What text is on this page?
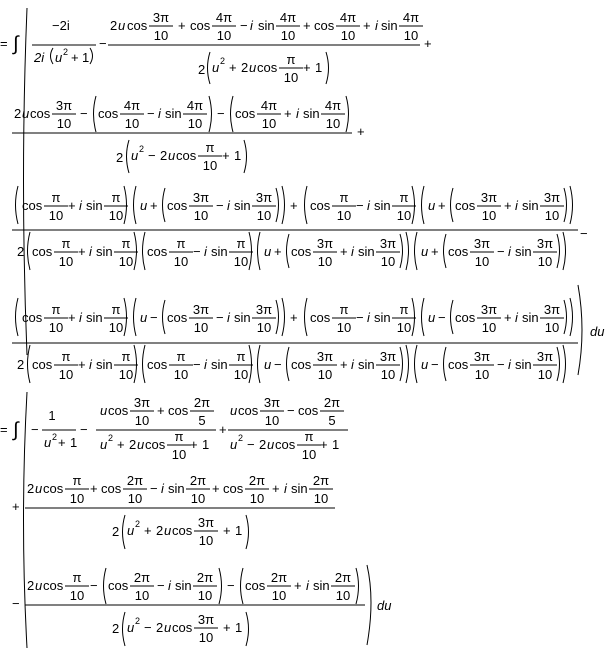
= ∫
−2i
2i u 2 + 1
−
2 u cos
3π
10
+ cos
4π
10
− i sin
4π
10
+ cos
4π
10
+ i sin
4π
10
+
2 u 2 + 2 u cos
π
10
+ 1
2 u cos
3π
10
− cos
4π
10
− i sin
4π
10
− cos
4π
10
+ i sin
4π
10
+
2 u 2 − 2 u cos
π
10
+ 1
cos
π
10
+ i sin
π
10
u + cos
3π
10
− i sin
3π
10
+ cos
π
10
− i sin
π
10
u + cos
3π
10
+ i sin
3π
10
2 cos
π
10
+ i sin
π
10
cos
π
10
− i sin
π
10
u + cos
3π
10
+ i sin
3π
10
u + cos
3π
10
− i sin
3π
10
−
cos
π
10
+ i sin
π
10
u − cos
3π
10
− i sin
3π
10
+ cos
π
10
− i sin
π
10
u − cos
3π
10
+ i sin
3π
10
2 cos
π
10
+ i sin
π
10
cos
π
10
− i sin
π
10
u − cos
3π
10
+ i sin
3π
10
u − cos
3π
10
− i sin
3π
10
du
= ∫ −
1
u 2 + 1
−
u cos
3π
10
+ cos
2π
5
u 2 + 2 u cos
π
10
+ 1
+
u cos
3π
10
− cos
2π
5
u 2 − 2 u cos
π
10
+ 1
+
2 u cos
π
10
+ cos
2π
10
− i sin
2π
10
+ cos
2π
10
+ i sin
2π
10
2 u 2 + 2 u cos
3π
10
+ 1
−
2 u cos
π
10
− cos
2π
10
− i sin
2π
10
− cos
2π
10
+ i sin
2π
10
2 u 2 − 2 u cos
3π
10
+ 1
du
